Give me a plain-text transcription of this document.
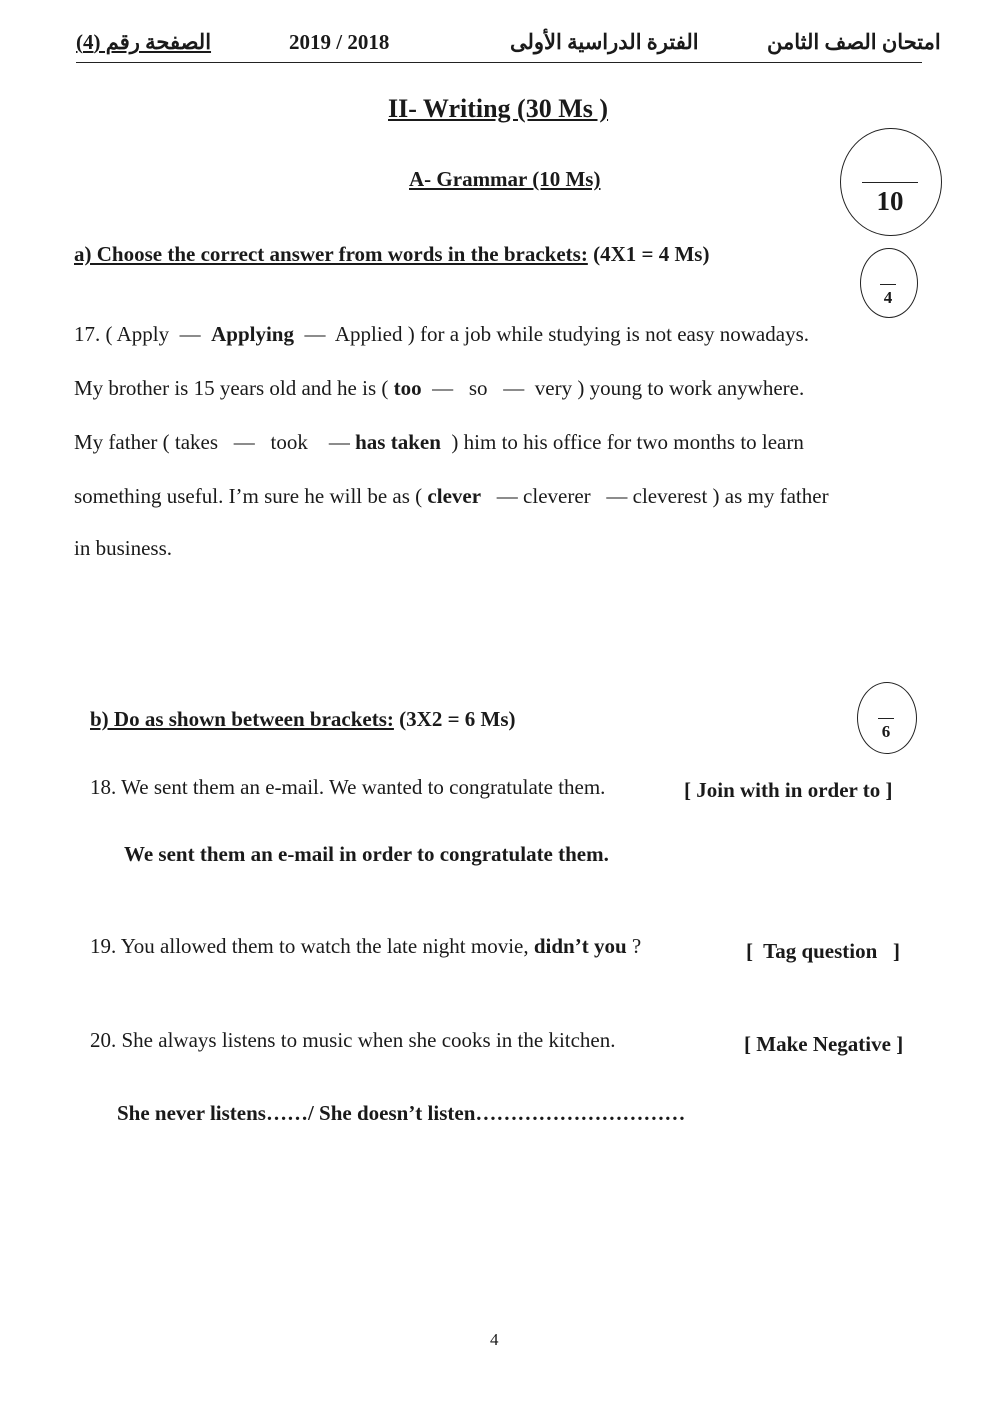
الصفحة رقم (4)	2019 / 2018	الفترة الدراسية الأولى	امتحان الصف الثامن
II- Writing (30 Ms )
A- Grammar (10 Ms)
10
a) Choose the correct answer from words in the brackets: (4X1 = 4 Ms)
4
17. ( Apply — Applying — Applied ) for a job while studying is not easy nowadays.
My brother is 15 years old and he is ( too — so — very ) young to work anywhere.
My father ( takes — took — has taken ) him to his office for two months to learn
something useful. I’m sure he will be as ( clever — cleverer — cleverest ) as my father
in business.
b) Do as shown between brackets: (3X2 = 6 Ms)
6
18. We sent them an e-mail. We wanted to congratulate them.	[ Join with in order to ]
We sent them an e-mail in order to congratulate them.
19. You allowed them to watch the late night movie, didn’t you ?	[  Tag question   ]
20. She always listens to music when she cooks in the kitchen.	[ Make Negative ]
She never listens……/ She doesn’t listen…………………………
4
